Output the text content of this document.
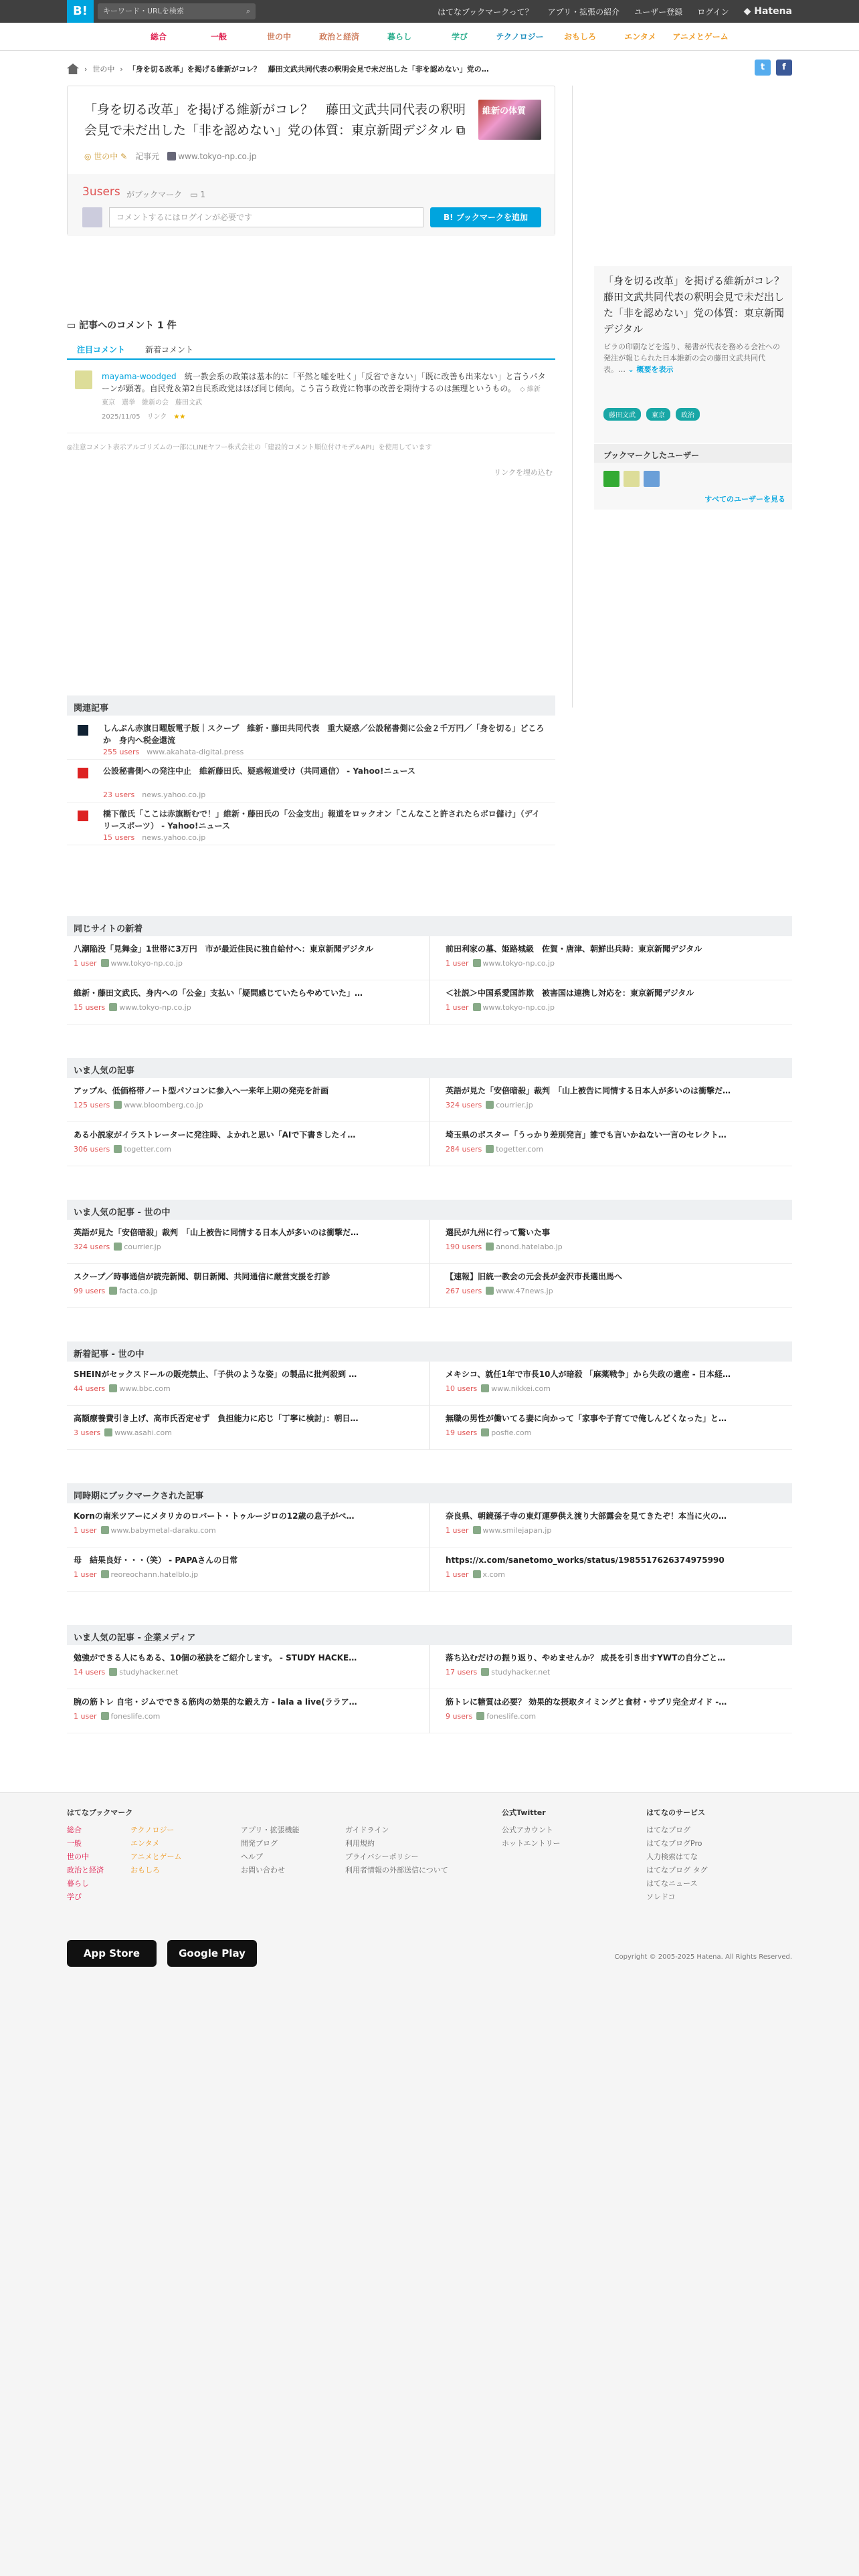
B!	キーワード・URLを検索	⌕	はてなブックマークって？ アプリ・拡張の紹介 ユーザー登録 ログイン ◆ Hatena
総合	一般	世の中	政治と経済	暮らし	学び	テクノロジー	おもしろ	エンタメ	アニメとゲーム
› 世の中 › 「身を切る改革」を掲げる維新がコレ？　藤田文武共同代表の釈明会見で未だ出した「非を認めない」党の…	t	f
「身を切る改革」を掲げる維新がコレ？　藤田文武共同代表の釈明会見で未だ出した「非を認めない」党の体質：東京新聞デジタル ⧉
維新の体質
◎ 世の中 ✎ 記事元	www.tokyo-np.co.jp
3users がブックマーク　 ▭ 1
コメントするにはログインが必要です	B! ブックマークを追加
「身を切る改革」を掲げる維新がコレ？　藤田文武共同代表の釈明会見で未だ出した「非を認めない」党の体質：東京新聞デジタル

ビラの印刷などを巡り、秘書が代表を務める会社への発注が報じられた日本維新の会の藤田文武共同代表。… ⌄ 概要を表示

藤田文武	東京	政治
ブックマークしたユーザー
すべてのユーザーを見る
▭ 記事へのコメント 1 件
注目コメント	新着コメント
mayama-woodged　 統一教会系の政策は基本的に「平然と嘘を吐く」「反省できない」「既に改善も出来ない」と言うパターンが顕著。自民党＆第2自民系政党はほぼ同じ傾向。こう言う政党に物事の改善を期待するのは無理というもの。　 ◇ 維新　東京　選挙　維新の会　藤田文武
2025/11/05　 リンク　 ★★
◎注意コメント表示アルゴリズムの一部にLINEヤフー株式会社の「建設的コメント順位付けモデルAPI」を使用しています
リンクを埋め込む
関連記事
しんぶん赤旗日曜版電子版｜スクープ　維新・藤田共同代表　重大疑惑／公設秘書側に公金２千万円／「身を切る」どころか　身内へ税金還流
255 users　 www.akahata-digital.press
公設秘書側への発注中止　維新藤田氏、疑惑報道受け（共同通信） - Yahoo!ニュース
23 users　 news.yahoo.co.jp
橋下徹氏「ここは赤旗断むで！」維新・藤田氏の「公金支出」報道をロックオン「こんなこと許されたらポロ儲け」（デイリースポーツ） - Yahoo!ニュース
15 users　 news.yahoo.co.jp
同じサイトの新着
八潮陥没「見舞金」1世帯に3万円　市が最近住民に独自給付へ：東京新聞デジタル
1 user www.tokyo-np.co.jp
前田利家の墓、姫路城級　佐賀・唐津、朝鮮出兵時：東京新聞デジタル
1 user www.tokyo-np.co.jp
維新・藤田文武氏、身内への「公金」支払い「疑問感じていたらやめていた」…
15 users www.tokyo-np.co.jp
＜社説＞中国系愛国詐欺　被害国は連携し対応を：東京新聞デジタル
1 user www.tokyo-np.co.jp
いま人気の記事
アップル、低価格帯ノート型パソコンに参入へ一来年上期の発売を計画
125 users www.bloomberg.co.jp
英語が見た「安倍暗殺」裁判　「山上被告に同情する日本人が多いのは衝撃だ…
324 users courrier.jp
ある小説家がイラストレーターに発注時、よかれと思い「AIで下書きしたイ…
306 users togetter.com
埼玉県のポスター「うっかり差別発言」誰でも言いかねない一言のセレクト…
284 users togetter.com
いま人気の記事 - 世の中
英語が見た「安倍暗殺」裁判　「山上被告に同情する日本人が多いのは衝撃だ…
324 users courrier.jp
選民が九州に行って驚いた事
190 users anond.hatelabo.jp
スクープ／時事通信が読売新聞、朝日新聞、共同通信に厳営支援を打診
99 users facta.co.jp
【速報】旧統一教会の元会長が金沢市長選出馬へ
267 users www.47news.jp
新着記事 - 世の中
SHEINがセックスドールの販売禁止、「子供のような姿」の製品に批判殺到 …
44 users www.bbc.com
メキシコ、就任1年で市長10人が暗殺 「麻薬戦争」から失政の遺産 - 日本経…
10 users www.nikkei.com
高額療養費引き上げ、高市氏否定せず　負担能力に応じ「丁寧に検討」：朝日…
3 users www.asahi.com
無職の男性が働いてる妻に向かって「家事や子育てで俺しんどくなった」と…
19 users posfie.com
同時期にブックマークされた記事
Kornの南米ツアーにメタリカのロバート・トゥルージロの12歳の息子がベ…
1 user www.babymetal-daraku.com
奈良県、朝鏡孫子寺の東灯運夢供え渡り大部露会を見てきたぞ！本当に火の…
1 user www.smilejapan.jp
母　結果良好・・・（笑） - PAPAさんの日常
1 user reoreochann.hatelblo.jp
https://x.com/sanetomo_works/status/1985517626374975990
1 user x.com
いま人気の記事 - 企業メディア
勉強ができる人にもある、10個の秘訣をご紹介します。 - STUDY HACKE…
14 users studyhacker.net
落ち込むだけの振り返り、やめませんか？ 成長を引き出すYWTの自分ごと…
17 users studyhacker.net
腕の筋トレ 自宅・ジムでできる筋肉の効果的な鍛え方 - lala a live(ララア…
1 user foneslife.com
筋トレに糖質は必要？ 効果的な摂取タイミングと食材・サプリ完全ガイド -…
9 users foneslife.com
はてなブックマーク
総合
一般
世の中
政治と経済
暮らし
学び
テクノロジー
エンタメ
アニメとゲーム
おもしろ
アプリ・拡張機能
開発ブログ
ヘルプ
お問い合わせ
ガイドライン
利用規約
プライバシーポリシー
利用者情報の外部送信について
公式Twitter
公式アカウント
ホットエントリー
はてなのサービス
はてなブログ
はてなブログPro
人力検索はてな
はてなブログ タグ
はてなニュース
ソレドコ
App Store	Google Play	Copyright © 2005-2025 Hatena. All Rights Reserved.
